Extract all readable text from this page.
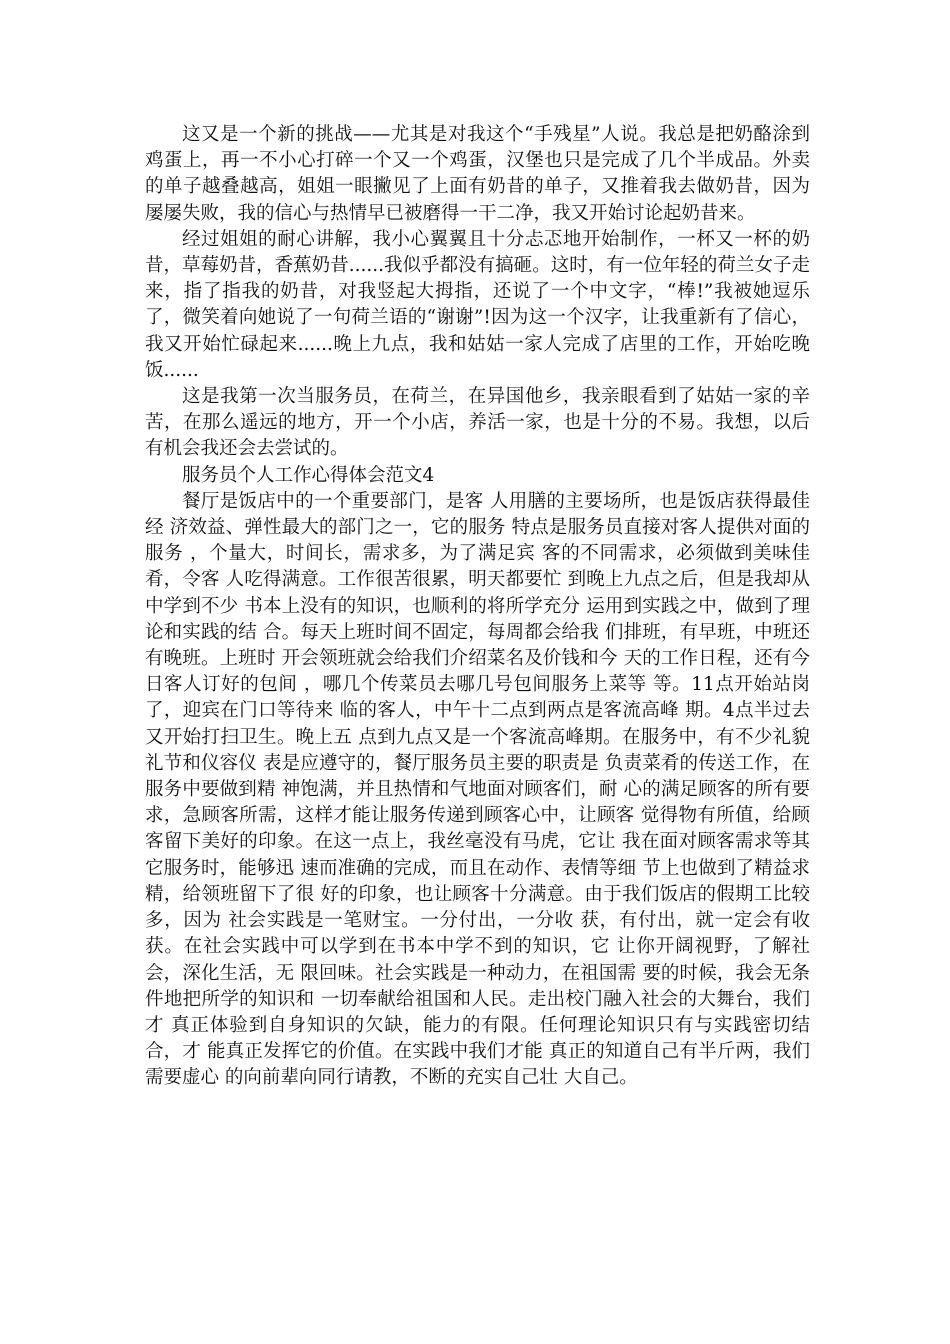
这又是一个新的挑战——尤其是对我这个“手残星”人说。我总是把奶酪涂到鸡蛋上，再一不小心打碎一个又一个鸡蛋，汉堡也只是完成了几个半成品。外卖的单子越叠越高，姐姐一眼撇见了上面有奶昔的单子，又推着我去做奶昔，因为屡屡失败，我的信心与热情早已被磨得一干二净，我又开始讨论起奶昔来。

经过姐姐的耐心讲解，我小心翼翼且十分忐忑地开始制作，一杯又一杯的奶昔，草莓奶昔，香蕉奶昔......我似乎都没有搞砸。这时，有一位年轻的荷兰女子走来，指了指我的奶昔，对我竖起大拇指，还说了一个中文字，“棒!”我被她逗乐了，微笑着向她说了一句荷兰语的“谢谢”!因为这一个汉字，让我重新有了信心，我又开始忙碌起来......晚上九点，我和姑姑一家人完成了店里的工作，开始吃晚饭......

这是我第一次当服务员，在荷兰，在异国他乡，我亲眼看到了姑姑一家的辛苦，在那么遥远的地方，开一个小店，养活一家，也是十分的不易。我想，以后有机会我还会去尝试的。

服务员个人工作心得体会范文4

餐厅是饭店中的一个重要部门，是客 人用膳的主要场所，也是饭店获得最佳经 济效益、弹性最大的部门之一，它的服务 特点是服务员直接对客人提供对面的服务 ，个量大，时间长，需求多，为了满足宾 客的不同需求，必须做到美味佳肴，令客 人吃得满意。工作很苦很累，明天都要忙 到晚上九点之后，但是我却从中学到不少 书本上没有的知识，也顺利的将所学充分 运用到实践之中，做到了理论和实践的结 合。每天上班时间不固定，每周都会给我 们排班，有早班，中班还有晚班。上班时 开会领班就会给我们介绍菜名及价钱和今 天的工作日程，还有今日客人订好的包间 ，哪几个传菜员去哪几号包间服务上菜等 等。11点开始站岗了，迎宾在门口等待来 临的客人，中午十二点到两点是客流高峰 期。4点半过去又开始打扫卫生。晚上五 点到九点又是一个客流高峰期。在服务中，有不少礼貌礼节和仪容仪 表是应遵守的，餐厅服务员主要的职责是 负责菜肴的传送工作，在服务中要做到精 神饱满，并且热情和气地面对顾客们，耐 心的满足顾客的所有要求，急顾客所需，这样才能让服务传递到顾客心中，让顾客 觉得物有所值，给顾客留下美好的印象。在这一点上，我丝毫没有马虎，它让 我在面对顾客需求等其它服务时，能够迅 速而准确的完成，而且在动作、表情等细 节上也做到了精益求精，给领班留下了很 好的印象，也让顾客十分满意。由于我们饭店的假期工比较多，因为 社会实践是一笔财宝。一分付出，一分收 获，有付出，就一定会有收获。在社会实践中可以学到在书本中学不到的知识，它 让你开阔视野，了解社会，深化生活，无 限回味。社会实践是一种动力，在祖国需 要的时候，我会无条件地把所学的知识和 一切奉献给祖国和人民。走出校门融入社会的大舞台，我们才 真正体验到自身知识的欠缺，能力的有限。任何理论知识只有与实践密切结合，才 能真正发挥它的价值。在实践中我们才能 真正的知道自己有半斤两，我们需要虚心 的向前辈向同行请教，不断的充实自己壮 大自己。
